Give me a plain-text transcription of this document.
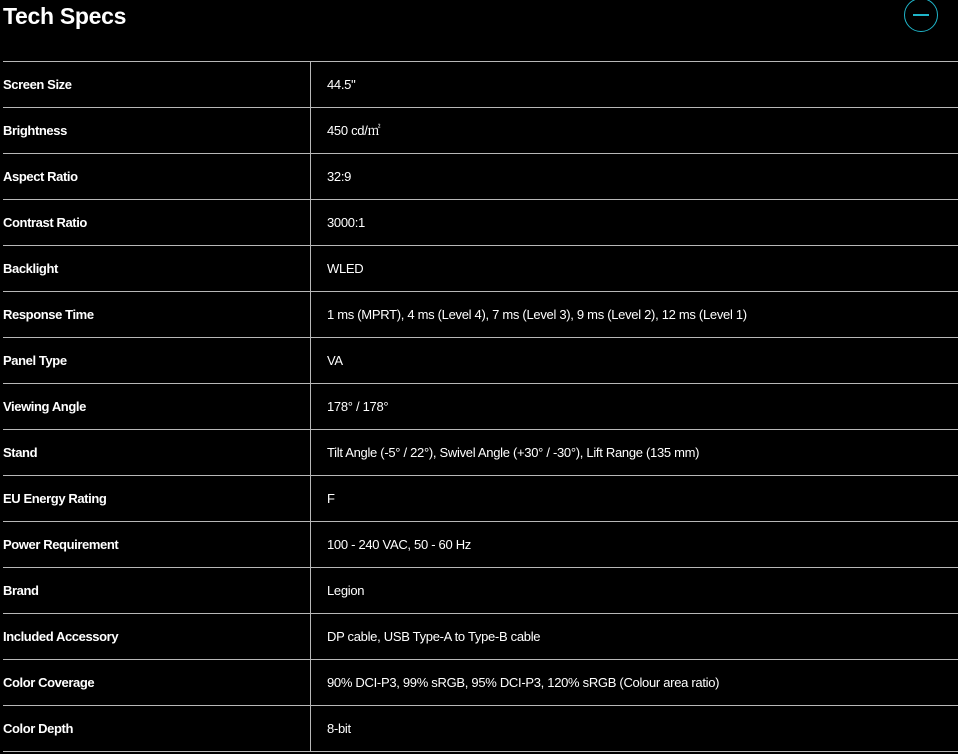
Tech Specs
Screen Size	44.5"
Brightness	450 cd/㎡
Aspect Ratio	32:9
Contrast Ratio	3000:1
Backlight	WLED
Response Time	1 ms (MPRT), 4 ms (Level 4), 7 ms (Level 3), 9 ms (Level 2), 12 ms (Level 1)
Panel Type	VA
Viewing Angle	178° / 178°
Stand	Tilt Angle (-5° / 22°), Swivel Angle (+30° / -30°), Lift Range (135 mm)
EU Energy Rating	F
Power Requirement	100 - 240 VAC, 50 - 60 Hz
Brand	Legion
Included Accessory	DP cable, USB Type-A to Type-B cable
Color Coverage	90% DCI-P3, 99% sRGB, 95% DCI-P3, 120% sRGB (Colour area ratio)
Color Depth	8-bit
